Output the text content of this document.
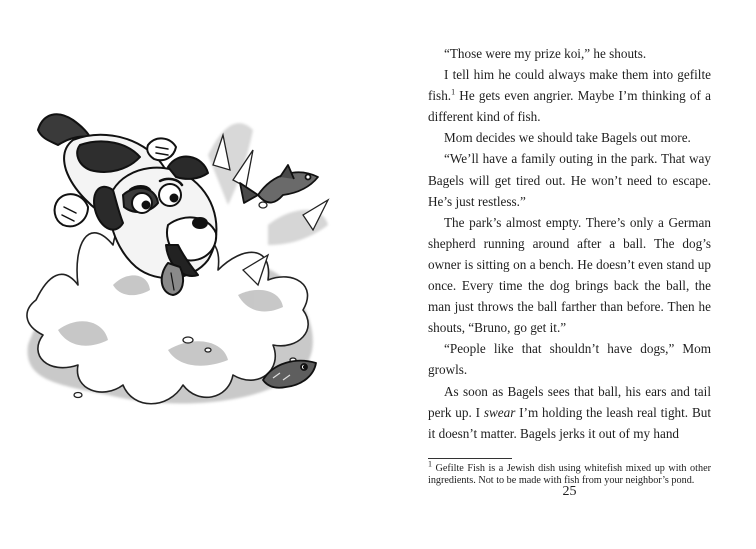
“Those were my prize koi,” he shouts.

I tell him he could always make them into gefilte fish.$^1$ He gets even angrier. Maybe I’m thinking of a different kind of fish.

Mom decides we should take Bagels out more.

“We’ll have a family outing in the park. That way Bagels will get tired out. He won’t need to escape. He’s just restless.”

The park’s almost empty. There’s only a German shepherd running around after a ball. The dog’s owner is sitting on a bench. He doesn’t even stand up once. Every time the dog brings back the ball, the man just throws the ball farther than before. Then he shouts, “Bruno, go get it.”

“People like that shouldn’t have dogs,” Mom growls.

As soon as Bagels sees that ball, his ears and tail perk up. I swear I’m holding the leash real tight. But it doesn’t matter. Bagels jerks it out of my hand

$^1$ Gefilte Fish is a Jewish dish using whitefish mixed up with other ingredients. Not to be made with fish from your neighbor’s pond.

25
